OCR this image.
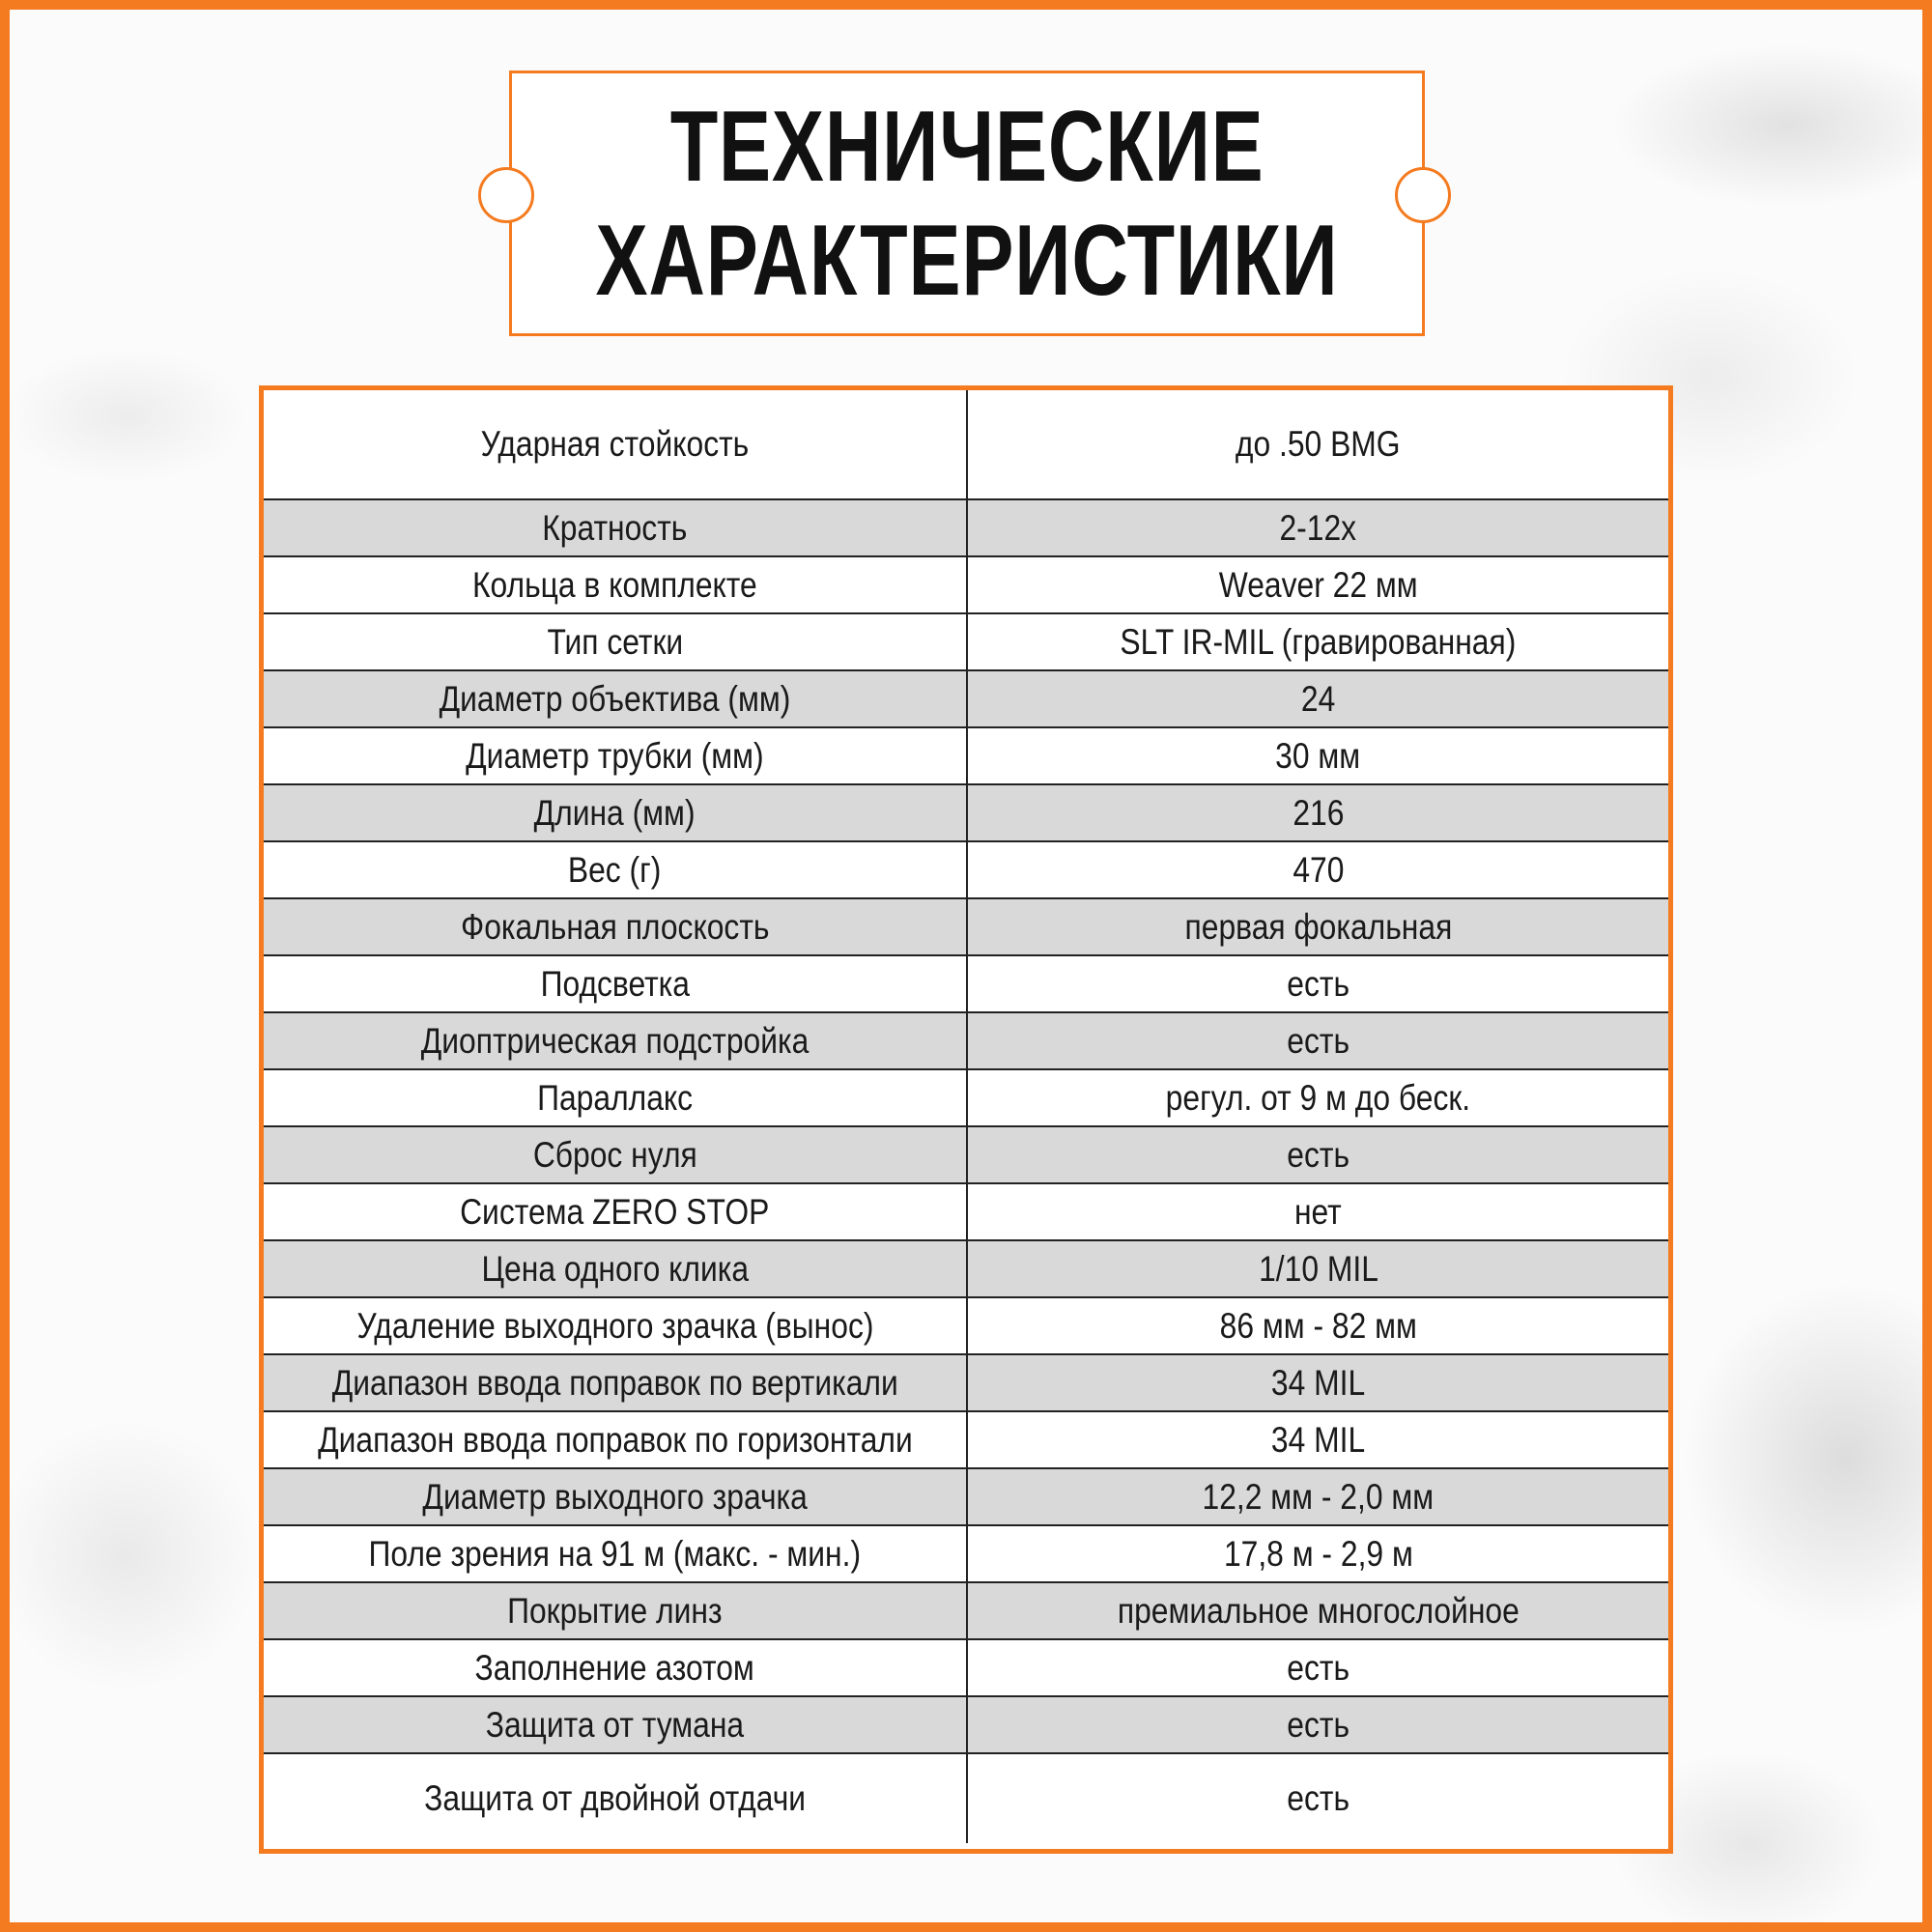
ТЕХНИЧЕСКИЕ
ХАРАКТЕРИСТИКИ
Ударная стойкость	до .50 BMG
Кратность	2-12x
Кольца в комплекте	Weaver 22 мм
Тип сетки	SLT IR-MIL (гравированная)
Диаметр объектива (мм)	24
Диаметр трубки (мм)	30 мм
Длина (мм)	216
Вес (г)	470
Фокальная плоскость	первая фокальная
Подсветка	есть
Диоптрическая подстройка	есть
Параллакс	регул. от 9 м до беск.
Сброс нуля	есть
Система ZERO STOP	нет
Цена одного клика	1/10 MIL
Удаление выходного зрачка (вынос)	86 мм - 82 мм
Диапазон ввода поправок по вертикали	34 MIL
Диапазон ввода поправок по горизонтали	34 MIL
Диаметр выходного зрачка	12,2 мм - 2,0 мм
Поле зрения на 91 м (макс. - мин.)	17,8 м - 2,9 м
Покрытие линз	премиальное многослойное
Заполнение азотом	есть
Защита от тумана	есть
Защита от двойной отдачи	есть
